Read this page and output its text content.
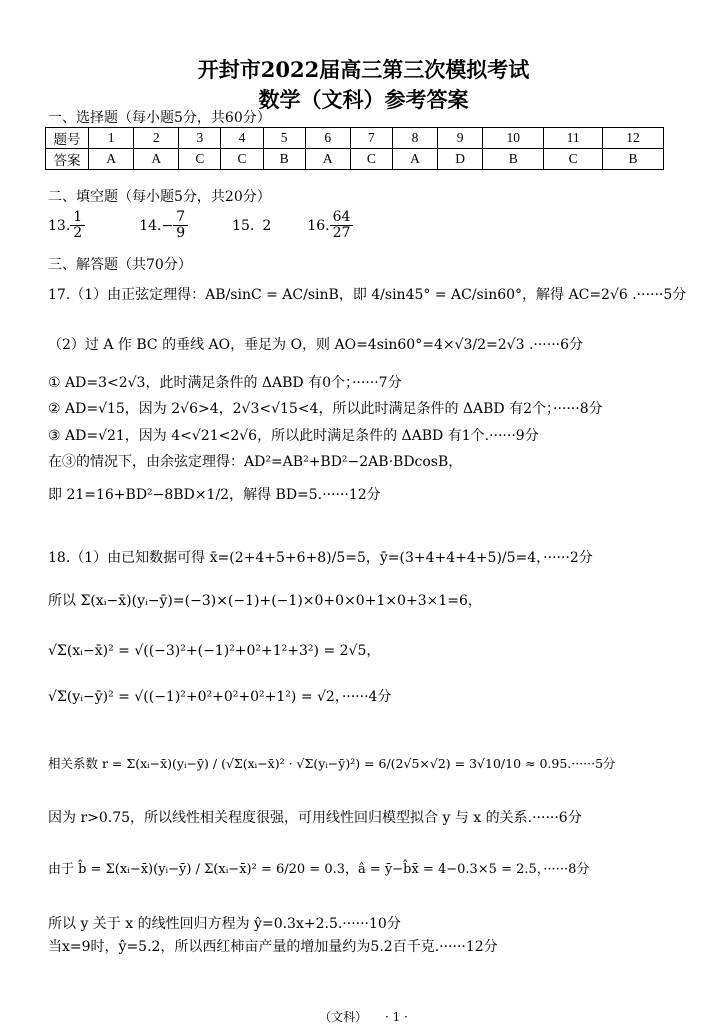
开封市2022届高三第三次模拟考试
数学（文科）参考答案
一、选择题（每小题5分，共60分）
题号	1	2	3	4	5	6	7	8	9	10	11	12
答案	A	A	C	C	B	A	C	A	D	B	C	B
二、填空题（每小题5分，共20分）
13. $\frac{1}{2}$	14. − $\frac{7}{9}$	15. 2	16. $\frac{64}{27}$
三、解答题（共70分）
17.（1）由正弦定理得：AB/sinC = AC/sinB，即 4/sin45° = AC/sin60°，解得 AC=2√6 .······5分
（2）过 A 作 BC 的垂线 AO，垂足为 O，则 AO=4sin60°=4×√3/2=2√3 .······6分
① AD=3<2√3，此时满足条件的 ΔABD 有0个；······7分
② AD=√15，因为 2√6>4，2√3<√15<4，所以此时满足条件的 ΔABD 有2个；······8分
③ AD=√21，因为 4<√21<2√6，所以此时满足条件的 ΔABD 有1个.······9分
在③的情况下，由余弦定理得：AD²=AB²+BD²−2AB·BDcosB，
即 21=16+BD²−8BD×1/2，解得 BD=5.······12分
18.（1）由已知数据可得 x̄=(2+4+5+6+8)/5=5，ȳ=(3+4+4+4+5)/5=4，······2分
所以 Σ(xᵢ−x̄)(yᵢ−ȳ)=(−3)×(−1)+(−1)×0+0×0+1×0+3×1=6，
√Σ(xᵢ−x̄)² = √((−3)²+(−1)²+0²+1²+3²) = 2√5，
√Σ(yᵢ−ȳ)² = √((−1)²+0²+0²+0²+1²) = √2，······4分
相关系数 r = Σ(xᵢ−x̄)(yᵢ−ȳ) / (√Σ(xᵢ−x̄)² · √Σ(yᵢ−ȳ)²) = 6/(2√5×√2) = 3√10/10 ≈ 0.95.······5分
因为 r>0.75，所以线性相关程度很强，可用线性回归模型拟合 y 与 x 的关系.······6分
由于 b̂ = Σ(xᵢ−x̄)(yᵢ−ȳ) / Σ(xᵢ−x̄)² = 6/20 = 0.3，â = ȳ−b̂x̄ = 4−0.3×5 = 2.5，······8分
所以 y 关于 x 的线性回归方程为 ŷ=0.3x+2.5.······10分
当x=9时，ŷ=5.2，所以西红柿亩产量的增加量约为5.2百千克.······12分
（文科） · 1 ·
